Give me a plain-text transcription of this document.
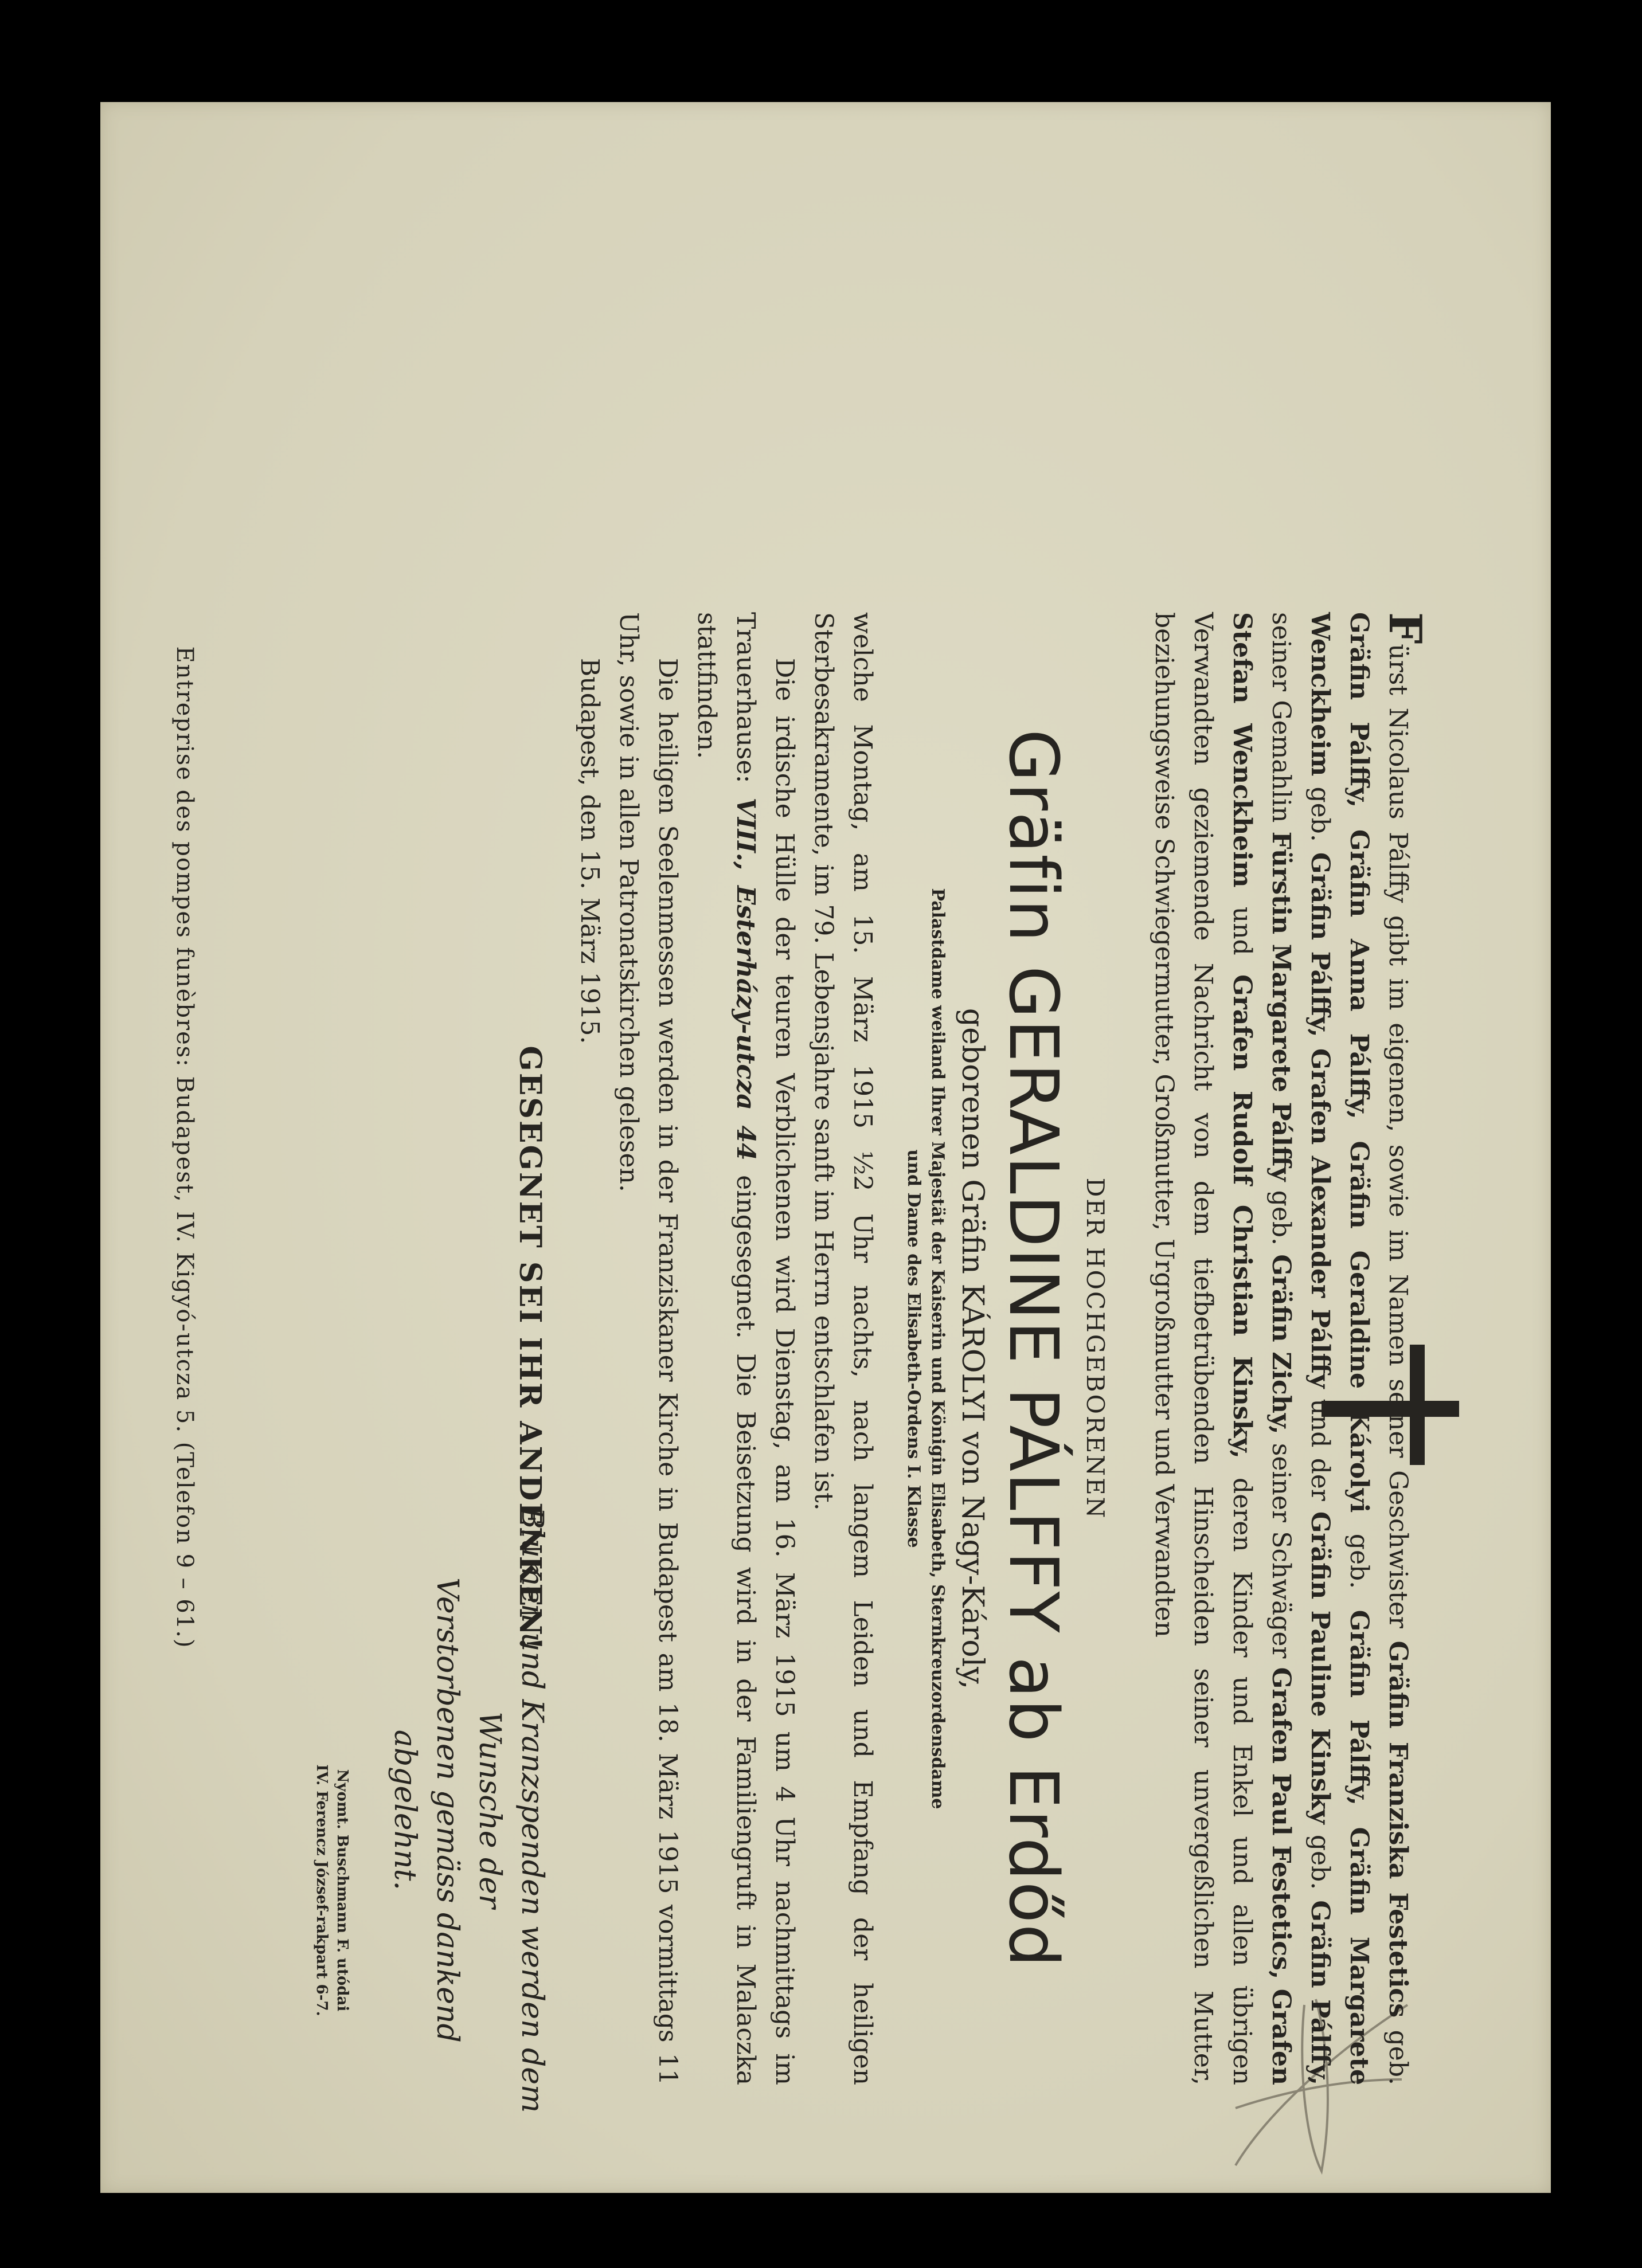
Fürst Nicolaus Pálffy gibt im eigenen, sowie im Namen seiner Geschwister Gräfin Franziska Festetics geb. Gräfin Pálffy, Gräfin Anna Pálffy, Gräfin Geraldine Károlyi geb. Gräfin Pálffy, Gräfin Margarete Wenckheim geb. Gräfin Pálffy, Grafen Alexander Pálffy und der Gräfin Pauline Kinsky geb. Gräfin Pálffy, seiner Gemahlin Fürstin Margarete Pálffy geb. Gräfin Zichy, seiner Schwäger Grafen Paul Festetics, Grafen Stefan Wenckheim und Grafen Rudolf Christian Kinsky, deren Kinder und Enkel und allen übrigen Verwandten geziemende Nachricht von dem tiefbetrübenden Hinscheiden seiner unvergeßlichen Mutter, beziehungsweise Schwiegermutter, Großmutter, Urgroßmutter und Verwandten

DER HOCHGEBORENEN
Gräfin GERALDINE PÁLFFY ab Erdőd
geborenen Gräfin KÁROLYI von Nagy-Károly,
Palastdame weiland Ihrer Majestät der Kaiserin und Königin Elisabeth, Sternkreuzordensdame
und Dame des Elisabeth-Ordens I. Klasse

welche Montag, am 15. März 1915 ½2 Uhr nachts, nach langem Leiden und Empfang der heiligen Sterbesakramente, im 79. Lebensjahre sanft im Herrn entschlafen ist.

Die irdische Hülle der teuren Verblichenen wird Dienstag, am 16. März 1915 um 4 Uhr nachmittags im Trauerhause: VIII., Esterházy-utcza 44 eingesegnet. Die Beisetzung wird in der Familiengruft in Malaczka stattfinden.

Die heiligen Seelenmessen werden in der Franziskaner Kirche in Budapest am 18. März 1915 vormittags 11 Uhr, sowie in allen Patronatskirchen gelesen.

Budapest, den 15. März 1915.

GESEGNET SEI IHR ANDENKEN!
Blumen und Kranzspenden werden dem Wunsche der
Verstorbenen gemäss dankend abgelehnt.
Nyomt. Buschmann F. utódai
IV. Ferencz József-rakpart 6-7.
Entreprise des pompes funèbres: Budapest, IV. Kigyó-utcza 5. (Telefon 9 – 61.)
